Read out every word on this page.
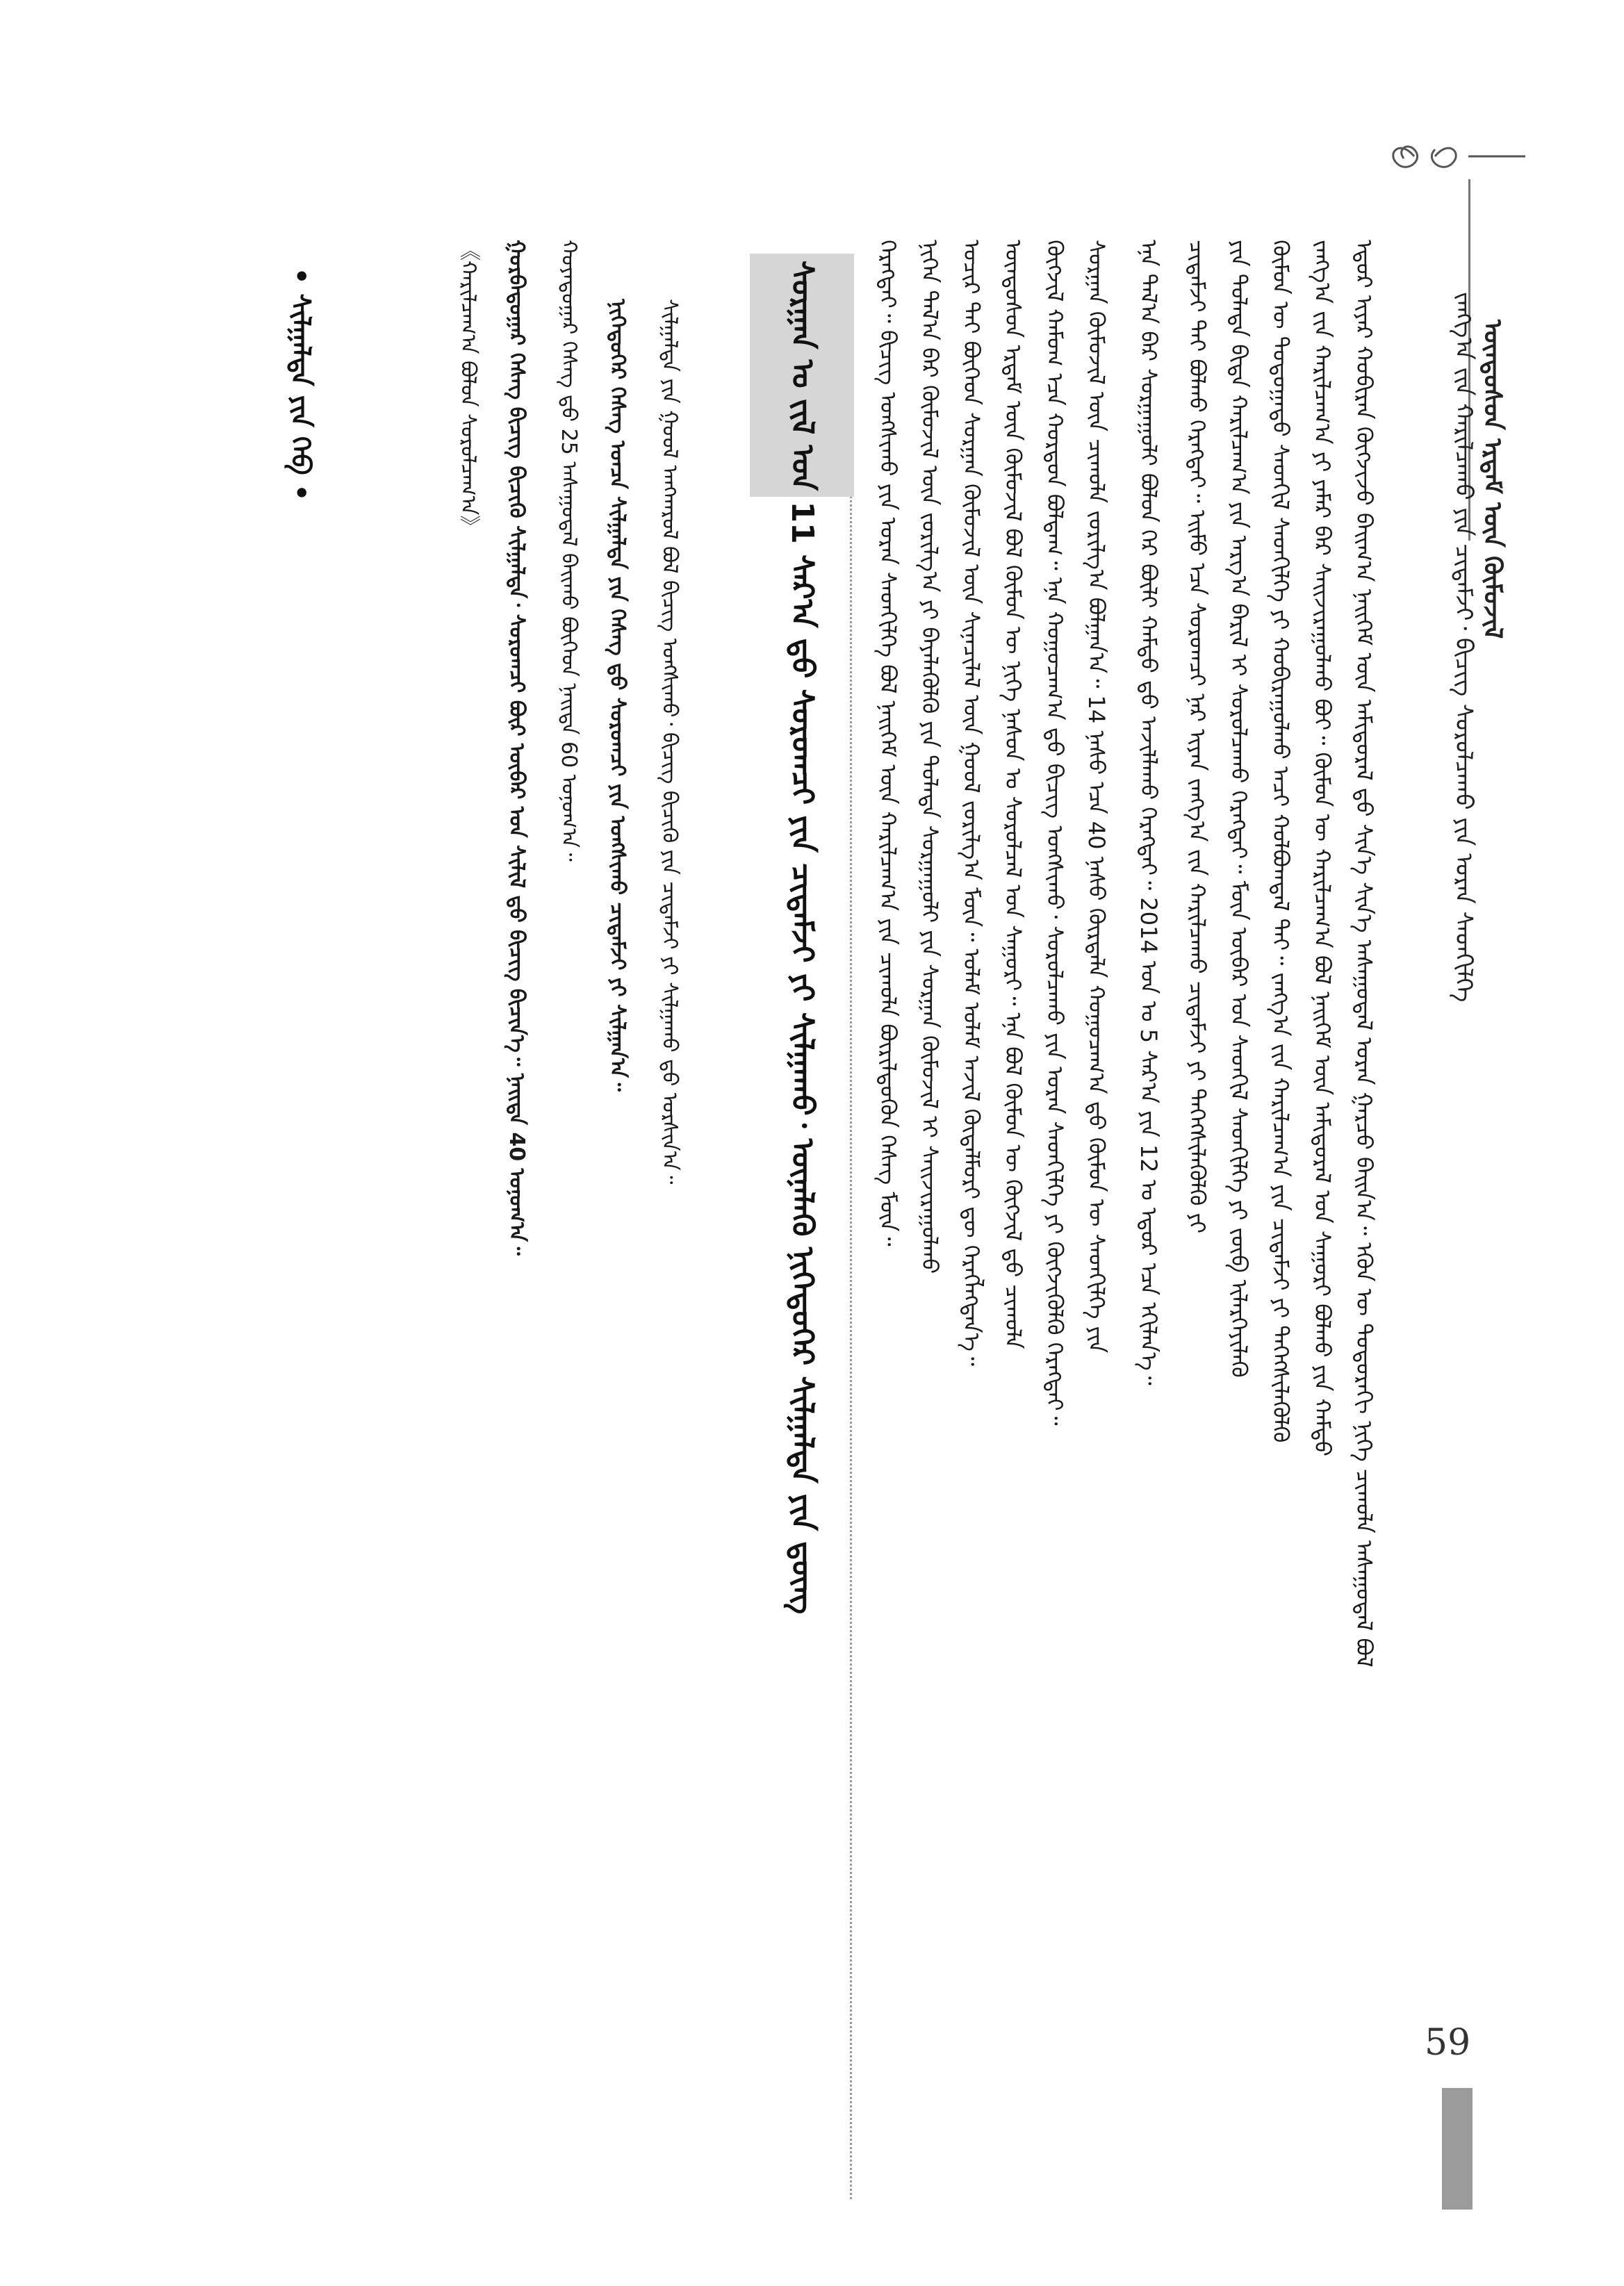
ᠵᠠᠩᠭ᠎ᠠ ᠵᠢᠨ ᠬᠠᠷᠢᠯᠴᠠᠬᠤ ᠶᠢᠨ ᠴᠢᠳᠠᠮᠵᠢ᠂ ᠪᠢᠴᠢᠭ ᠰᠤᠷᠤᠯᠴᠠᠬᠤ ᠶᠢᠨ ᠤᠷᠠᠨ ᠰᠡᠳᠬᠢᠯᠭᠡ ᠦᠨᠳᠦᠰᠦᠨ ᠡᠷᠳᠡᠮ ᠦᠨ ᠬᠦᠮᠦᠵᠢᠯ
ᠡᠳᠦᠷ ᠢᠶᠡᠷ ᠬᠤᠪᠢᠷᠠᠨ ᠬᠦᠭᠵᠢᠵᠦ ᠪᠠᠢᠭ᠎ᠠ ᠨᠡᠢᠭᠡᠮ ᠦᠨ ᠠᠮᠢᠳᠤᠷᠠᠯ ᠳ᠋ᠤ ᠰᠢᠨ᠎ᠡ ᠰᠢᠨ᠎ᠡ ᠠᠰᠠᠭᠤᠳᠠᠯ ᠤᠷᠠᠨ ᠭᠠᠷᠴᠤ ᠪᠠᠢᠨ᠎ᠠ᠃ ᠡᠭᠦᠨ ᠦ ᠳᠤᠳᠤᠷᠠᠬᠢ ᠨᠢᠭᠡ ᠴᠢᠬᠤᠯᠠ ᠠᠰᠠᠭᠤᠳᠠᠯ ᠪᠣᠯ
ᠵᠠᠩᠭ᠎ᠠ ᠵᠢᠨ ᠬᠠᠷᠢᠯᠴᠠᠭ᠎ᠠ ᠶᠢ ᠶᠠᠮᠠᠷ ᠪᠠᠷ ᠰᠠᠢᠵᠢᠷᠠᠭᠤᠯᠬᠤ ᠪᠤᠢ᠃ ᠬᠦᠮᠦᠨ ᠦ ᠬᠠᠷᠢᠯᠴᠠᠭ᠎ᠠ ᠪᠣᠯ ᠨᠡᠢᠭᠡᠮ ᠦᠨ ᠠᠮᠢᠳᠤᠷᠠᠯ ᠤᠨ ᠰᠠᠭᠤᠷᠢ ᠪᠣᠯᠬᠤ ᠶᠢᠨ ᠬᠠᠮᠲᠤ
ᠬᠦᠮᠦᠨ ᠦ ᠳᠤᠲᠤᠭᠠᠳᠤ ᠰᠡᠳᠬᠢᠯ ᠰᠡᠳᠬᠢᠯᠭᠡ ᠶᠢ ᠬᠤᠪᠢᠷᠠᠭᠤᠯᠬᠤ ᠠᠴᠢ ᠬᠣᠯᠪᠣᠭᠳᠠᠯ ᠲᠠᠢ᠃ ᠵᠠᠩᠭ᠎ᠠ ᠵᠢᠨ ᠬᠠᠷᠢᠯᠴᠠᠭ᠎ᠠ ᠶᠢᠨ ᠴᠢᠳᠠᠮᠵᠢ ᠶᠢ ᠳᠡᠭᠡᠭᠰᠢᠯᠡᠭᠦᠯᠬᠦ
ᠶᠢᠨ ᠲᠤᠯᠠᠳᠠ ᠪᠢᠳᠡ ᠬᠠᠷᠢᠯᠴᠠᠭ᠎ᠠ ᠶᠢᠨ ᠠᠷᠭ᠎ᠠ ᠪᠠᠷᠢᠯ ᠢ ᠰᠤᠷᠤᠯᠴᠠᠬᠤ ᠬᠡᠷᠡᠭᠲᠡᠢ᠃ ᠮᠥᠨ ᠥᠪᠡᠷ ᠤᠨ ᠰᠡᠳᠬᠢᠯ ᠰᠡᠳᠬᠢᠯᠭᠡ ᠶᠢ ᠵᠥᠪ ᠢᠯᠡᠷᠬᠡᠶᠢᠯᠡᠬᠦ
ᠴᠢᠳᠠᠮᠵᠢ ᠲᠠᠢ ᠪᠣᠯᠬᠤ ᠬᠡᠷᠡᠭᠲᠡᠢ᠃ ᠡᠢᠮᠦ ᠡᠴᠡ ᠰᠤᠷᠤᠭᠴᠢ ᠨᠠᠷ ᠢᠶᠠᠨ ᠵᠠᠩᠭ᠎ᠠ ᠵᠢᠨ ᠬᠠᠷᠢᠯᠴᠠᠬᠤ ᠴᠢᠳᠠᠮᠵᠢ ᠶᠢ ᠳᠡᠭᠡᠭᠰᠢᠯᠡᠭᠦᠯᠬᠦ ᠶᠢ
ᠰᠤᠷᠭᠠᠨ ᠬᠦᠮᠦᠵᠢᠯ ᠦᠨ ᠴᠢᠬᠤᠯᠠ ᠵᠣᠷᠢᠯᠭ᠎ᠠ ᠪᠣᠯᠭᠠᠨ᠎ᠠ᠃ 14 ᠨᠠᠰᠤ ᠡᠴᠡ 40 ᠨᠠᠰᠤ ᠬᠦᠷᠲᠡᠯᠡ ᠬᠤᠭᠤᠴᠠᠭ᠎ᠠ ᠳ᠋ᠤ ᠬᠦᠮᠦᠨ ᠦ ᠰᠡᠳᠬᠢᠯᠭᠡ ᠶᠢᠨ
ᠬᠦᠭᠵᠢᠯ ᠬᠠᠮᠤᠭ ᠡᠴᠡ ᠬᠤᠷᠳᠤᠨ ᠪᠣᠯᠳᠠᠭ᠃ ᠡᠨᠡ ᠬᠤᠭᠤᠴᠠᠭ᠎ᠠ ᠳ᠋ᠤ ᠪᠢᠴᠢᠭ ᠤᠩᠰᠢᠬᠤ᠂ ᠰᠤᠷᠤᠯᠴᠠᠬᠤ ᠶᠢᠨ ᠤᠷᠠᠨ ᠰᠡᠳᠬᠢᠯᠭᠡ ᠶᠢ ᠬᠥᠭᠵᠢᠭᠦᠯᠬᠦ ᠬᠡᠷᠡᠭᠲᠡᠢ᠃
ᠦᠨᠳᠦᠰᠦᠨ ᠡᠷᠳᠡᠮ ᠦᠨ ᠬᠦᠮᠦᠵᠢᠯ ᠪᠣᠯ ᠬᠦᠮᠦᠨ ᠦ ᠨᠢᠭᠡ ᠨᠠᠰᠤᠨ ᠤ ᠰᠤᠷᠤᠯᠴᠠᠯ ᠤᠨ ᠰᠠᠭᠤᠷᠢ᠃ ᠡᠨᠡ ᠪᠣᠯ ᠬᠦᠮᠦᠨ ᠦ ᠬᠥᠭᠵᠢᠯ ᠳ᠋ᠤ ᠴᠢᠬᠤᠯᠠ
ᠤᠴᠢᠷ ᠲᠠᠢ ᠪᠥᠭᠡᠳ ᠰᠤᠷᠭᠠᠨ ᠬᠦᠮᠦᠵᠢᠯ ᠦᠨ ᠰᠢᠨᠡᠴᠢᠯᠡᠯ ᠦᠨ ᠭᠣᠣᠯ ᠵᠣᠷᠢᠯᠭ᠎ᠠ ᠮᠥᠨ᠃ ᠤᠯᠠᠮ ᠤᠯᠠᠮ ᠠᠵᠢᠯ ᠬᠥᠳᠡᠯᠮᠦᠷᠢ ᠳᠦ ᠬᠡᠷᠡᠭᠯᠡᠭᠳᠡᠨ᠎ᠡ᠃
ᠨᠢᠭᠡᠨ ᠲᠠᠯ᠎ᠠ ᠪᠡᠷ ᠬᠦᠮᠦᠵᠢᠯ ᠦᠨ ᠵᠣᠷᠢᠯᠭ᠎ᠠ ᠶᠢ ᠪᠡᠶᠡᠯᠡᠭᠦᠯᠬᠦ ᠶᠢᠨ ᠲᠤᠯᠠᠳᠠ ᠰᠤᠷᠭᠠᠭᠤᠯᠢ ᠶᠢᠨ ᠰᠤᠷᠭᠠᠨ ᠬᠦᠮᠦᠵᠢᠯ ᠢ ᠰᠠᠢᠵᠢᠷᠠᠭᠤᠯᠬᠤ
ᠬᠡᠷᠡᠭᠲᠡᠢ᠃ ᠪᠢᠴᠢᠭ ᠤᠩᠰᠢᠬᠤ ᠶᠢᠨ ᠤᠷᠠᠨ ᠰᠡᠳᠬᠢᠯᠭᠡ ᠪᠣᠯ ᠨᠡᠢᠭᠡᠮ ᠦᠨ ᠬᠠᠷᠢᠯᠴᠠᠭ᠎ᠠ ᠶᠢᠨ ᠴᠢᠬᠤᠯᠠ ᠪᠦᠷᠢᠯᠳᠦᠬᠦᠨ ᠬᠡᠰᠡᠭ ᠮᠥᠨ᠃	ᠡᠨᠡ ᠲᠠᠯ᠎ᠠ ᠪᠡᠷ ᠰᠤᠷᠭᠠᠭᠤᠯᠢ ᠪᠣᠯᠤᠨ ᠭᠡᠷ ᠪᠦᠯᠢ ᠬᠠᠮᠲᠤ ᠳ᠋ᠤ ᠠᠵᠢᠯᠯᠠᠬᠤ ᠬᠡᠷᠡᠭᠲᠡᠢ᠃ 2014 ᠣᠨ ᠤ 5 ᠰᠠᠷ᠎ᠠ ᠶᠢᠨ 12 ᠤ ᠡᠳᠦᠷ ᠡᠴᠡ ᠡᠬᠢᠯᠡᠨ᠎ᠡ᠃
ᠰᠤᠷᠭᠠᠨ ᠤ ᠵᠢᠯ ᠤᠨ 11 ᠰᠠᠷ᠎ᠠ ᠳ᠋ᠤ ᠰᠤᠷᠤᠭᠴᠢ ᠶᠢᠨ ᠴᠢᠳᠠᠮᠵᠢ ᠶᠢ ᠰᠢᠯᠭᠠᠬᠤ᠂ ᠦᠨᠡᠯᠡᠬᠦ ᠨᠢᠭᠡᠳᠦᠭᠡᠷ ᠰᠢᠯᠭᠠᠯᠲᠠ ᠶᠢᠨ ᠳ᠋ᠦᠩ
ᠰᠢᠯᠭᠠᠯᠲᠠ ᠶᠢᠨ ᠭᠣᠣᠯ ᠠᠨᠭᠬᠠᠷᠤᠯ ᠪᠣᠯ ᠪᠢᠴᠢᠭ ᠤᠩᠰᠢᠬᠤ᠂ ᠪᠢᠴᠢᠭ ᠪᠢᠴᠢᠬᠦ ᠶᠢᠨ ᠴᠢᠳᠠᠮᠵᠢ ᠶᠢ ᠰᠢᠯᠭᠠᠬᠤ ᠳ᠋ᠤ ᠣᠷᠰᠢᠨ᠎ᠠ᠃
ᠨᠢᠭᠡᠳᠦᠭᠡᠷ ᠬᠡᠰᠡᠭ ᠣᠨᠴᠠ ᠰᠢᠯᠭᠠᠯᠲᠠ ᠶᠢᠨ ᠬᠡᠰᠡᠭ ᠳ᠋ᠤ ᠰᠤᠷᠤᠭᠴᠢ ᠶᠢᠨ ᠤᠩᠰᠢᠬᠤ ᠴᠢᠳᠠᠮᠵᠢ ᠶᠢ ᠰᠢᠯᠭᠠᠨ᠎ᠠ᠃
ᠬᠣᠶᠠᠳᠤᠭᠠᠷ ᠬᠡᠰᠡᠭ ᠳ᠋ᠤ 25 ᠠᠰᠠᠭᠤᠳᠠᠯ ᠪᠠᠢᠬᠤ ᠪᠥᠭᠡᠳ ᠨᠡᠢᠲᠡ 60 ᠤᠨᠤᠭ᠎ᠠ᠃
ᠭᠤᠷᠪᠠᠳᠤᠭᠠᠷ ᠬᠡᠰᠡᠭ ᠪᠢᠴᠢᠭ ᠪᠢᠴᠢᠬᠦ ᠰᠢᠯᠭᠠᠯᠲᠠ᠂ ᠰᠤᠷᠤᠭᠴᠢ ᠪᠦᠷ ᠥᠪᠡᠷ ᠤᠨ ᠰᠢᠯᠢᠯ ᠳ᠋ᠤ ᠪᠢᠴᠢᠭ ᠪᠢᠴᠢᠨ᠎ᠡ᠃ ᠨᠡᠢᠲᠡ 40 ᠤᠨᠤᠭ᠎ᠠ᠃
《ᠬᠠᠷᠢᠯᠴᠠᠭ᠎ᠠ ᠪᠣᠯᠤᠨ ᠰᠤᠷᠤᠯᠴᠠᠭ᠎ᠠ》
• ᠰᠢᠯᠭᠠᠯᠲᠠ ᠶᠢᠨ ᠬᠡᠪ •
59
